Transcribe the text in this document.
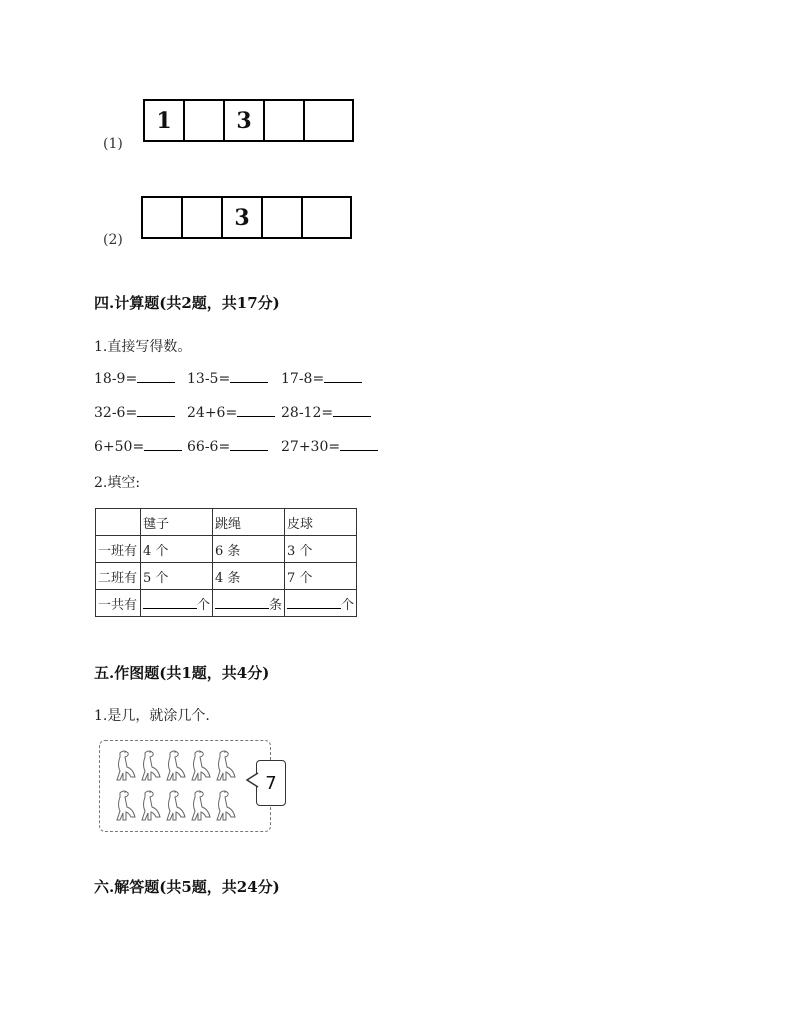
(1)
1	3
(2)
3
四.计算题(共2题，共17分)
1.直接写得数。
18-9=	13-5=	17-8=
32-6=	24+6=	28-12=
6+50=	66-6=	27+30=
2.填空:
	毽子	跳绳	皮球
一班有	4 个	6 条	3 个
二班有	5 个	4 条	7 个
一共有	个	条	个
五.作图题(共1题，共4分)
1.是几，就涂几个.
7
六.解答题(共5题，共24分)
